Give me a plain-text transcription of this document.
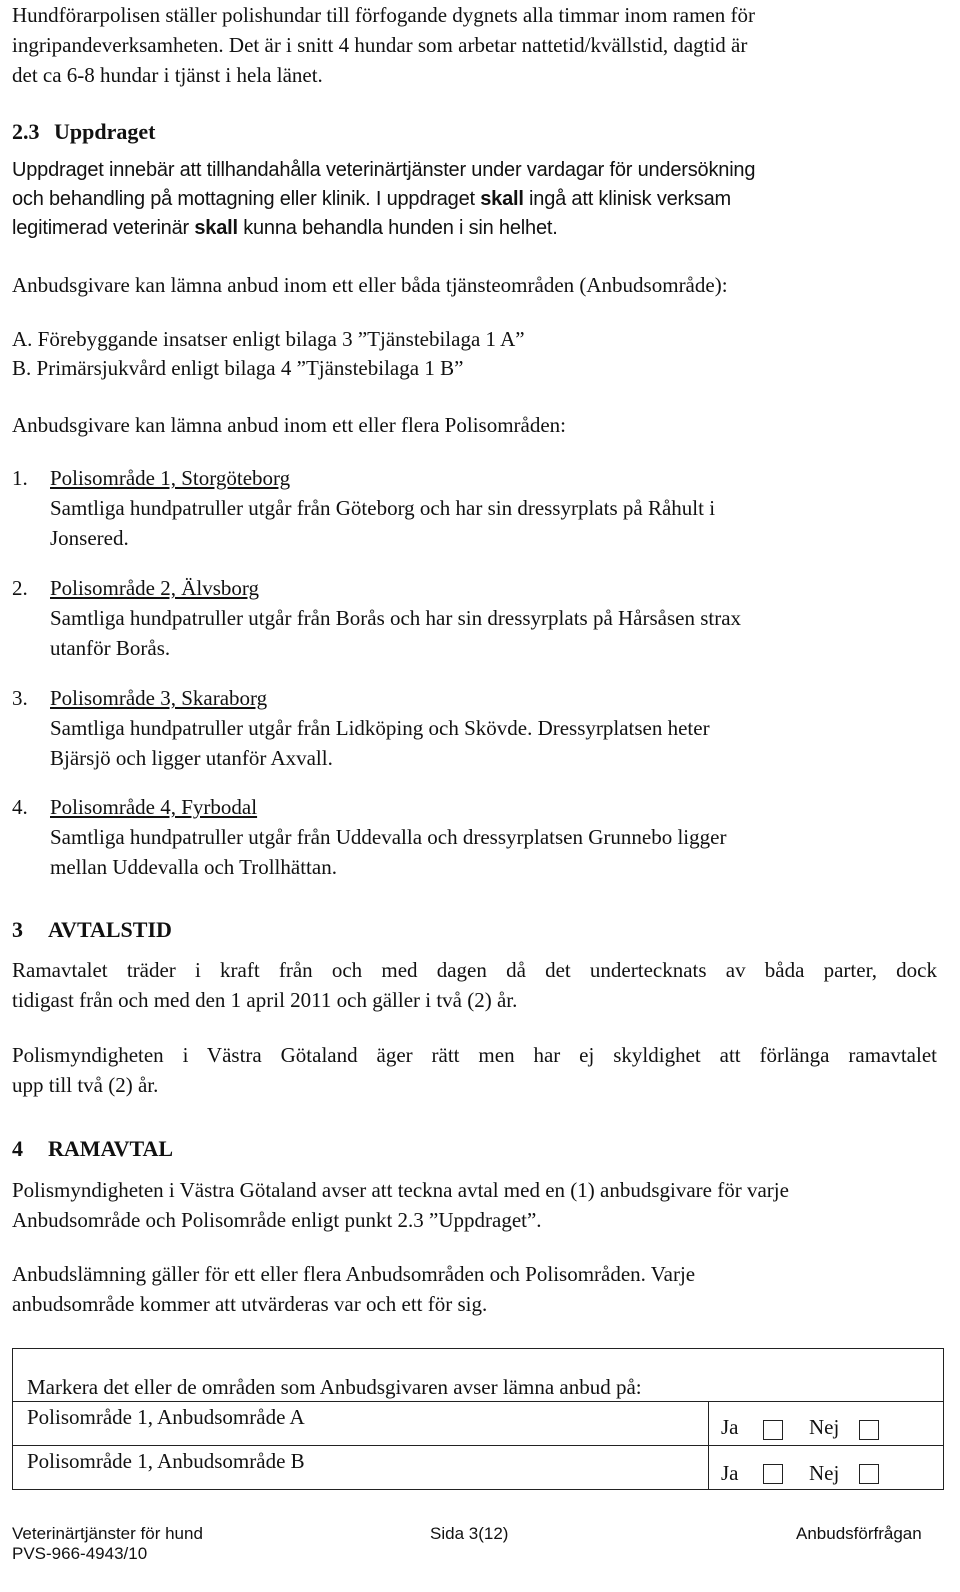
Hundförarpolisen ställer polishundar till förfogande dygnets alla timmar inom ramen för

ingripandeverksamheten. Det är i snitt 4 hundar som arbetar nattetid/kvällstid, dagtid är

det ca 6-8 hundar i tjänst i hela länet.

2.3 Uppdraget

Uppdraget innebär att tillhandahålla veterinärtjänster under vardagar för undersökning

och behandling på mottagning eller klinik. I uppdraget skall ingå att klinisk verksam

legitimerad veterinär skall kunna behandla hunden i sin helhet.

Anbudsgivare kan lämna anbud inom ett eller båda tjänsteområden (Anbudsområde):
A. Förebyggande insatser enligt bilaga 3 ”Tjänstebilaga 1 A”
B. Primärsjukvård enligt bilaga 4 ”Tjänstebilaga 1 B”
Anbudsgivare kan lämna anbud inom ett eller flera Polisområden:
1. Polisområde 1, Storgöteborg

Samtliga hundpatruller utgår från Göteborg och har sin dressyrplats på Råhult i

Jonsered.

2. Polisområde 2, Älvsborg

Samtliga hundpatruller utgår från Borås och har sin dressyrplats på Hårsåsen strax

utanför Borås.

3. Polisområde 3, Skaraborg

Samtliga hundpatruller utgår från Lidköping och Skövde. Dressyrplatsen heter

Bjärsjö och ligger utanför Axvall.

4. Polisområde 4, Fyrbodal

Samtliga hundpatruller utgår från Uddevalla och dressyrplatsen Grunnebo ligger

mellan Uddevalla och Trollhättan.

3 AVTALSTID

Ramavtalet träder i kraft från och med dagen då det undertecknats av båda parter, dock

tidigast från och med den 1 april 2011 och gäller i två (2) år.

Polismyndigheten i Västra Götaland äger rätt men har ej skyldighet att förlänga ramavtalet

upp till två (2) år.

4 RAMAVTAL

Polismyndigheten i Västra Götaland avser att teckna avtal med en (1) anbudsgivare för varje

Anbudsområde och Polisområde enligt punkt 2.3 ”Uppdraget”.

Anbudslämning gäller för ett eller flera Anbudsområden och Polisområden. Varje

anbudsområde kommer att utvärderas var och ett för sig.

Markera det eller de områden som Anbudsgivaren avser lämna anbud på:
Polisområde 1, Anbudsområde A	Ja	Nej
Polisområde 1, Anbudsområde B	Ja	Nej
Veterinärtjänster för hund
PVS-966-4943/10
Sida 3(12)	Anbudsförfrågan
